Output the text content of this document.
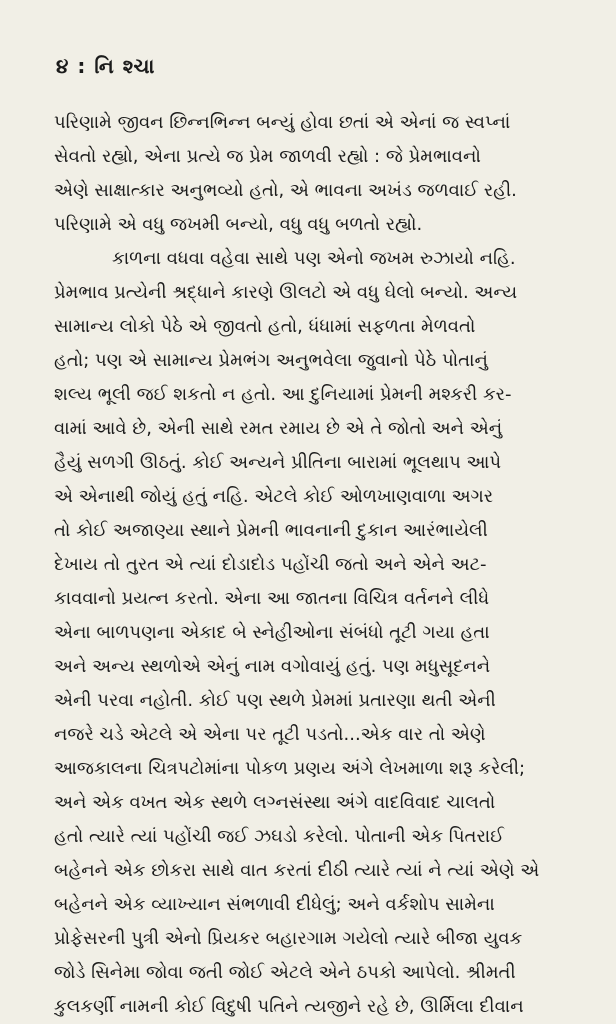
૪ : નિ શ્ચા

પરિણામે જીવન છિન્નભિન્ન બન્યું હોવા છતાં એ એનાં જ સ્વપ્નાં
સેવતો રહ્યો, એના પ્રત્યે જ પ્રેમ જાળવી રહ્યો : જે પ્રેમભાવનો
એણે સાક્ષાત્કાર અનુભવ્યો હતો, એ ભાવના અખંડ જળવાઈ રહી.
પરિણામે એ વધુ જખમી બન્યો, વધુ વધુ બળતો રહ્યો.

કાળના વધવા વહેવા સાથે પણ એનો જખમ રુઝાયો નહિ.
પ્રેમભાવ પ્રત્યેની શ્રદ્ધાને કારણે ઊલટો એ વધુ ઘેલો બન્યો. અન્ય
સામાન્ય લોકો પેઠે એ જીવતો હતો, ધંધામાં સફળતા મેળવતો
હતો; પણ એ સામાન્ય પ્રેમભંગ અનુભવેલા જુવાનો પેઠે પોતાનું
શલ્ય ભૂલી જઈ શકતો ન હતો. આ દુનિયામાં પ્રેમની મશ્કરી કર-
વામાં આવે છે, એની સાથે રમત રમાય છે એ તે જોતો અને એનું
હૈયું સળગી ઊઠતું. કોઈ અન્યને પ્રીતિના બારામાં ભૂલથાપ આપે
એ એનાથી જોયું હતું નહિ. એટલે કોઈ ઓળખાણવાળા અગર
તો કોઈ અજાણ્યા સ્થાને પ્રેમની ભાવનાની દુકાન આરંભાયેલી
દેખાય તો તુરત એ ત્યાં દોડાદોડ પહોંચી જતો અને એને અટ-
કાવવાનો પ્રયત્ન કરતો. એના આ જાતના વિચિત્ર વર્તનને લીધે
એના બાળપણના એકાદ બે સ્નેહીઓના સંબંધો તૂટી ગયા હતા
અને અન્ય સ્થળોએ એનું નામ વગોવાયું હતું. પણ મધુસૂદનને
એની પરવા નહોતી. કોઈ પણ સ્થળે પ્રેમમાં પ્રતારણા થતી એની
નજરે ચડે એટલે એ એના પર તૂટી પડતો...એક વાર તો એણે
આજકાલના ચિત્રપટોમાંના પોકળ પ્રણય અંગે લેખમાળા શરૂ કરેલી;
અને એક વખત એક સ્થળે લગ્નસંસ્થા અંગે વાદવિવાદ ચાલતો
હતો ત્યારે ત્યાં પહોંચી જઈ ઝઘડો કરેલો. પોતાની એક પિતરાઈ
બહેનને એક છોકરા સાથે વાત કરતાં દીઠી ત્યારે ત્યાં ને ત્યાં એણે એ
બહેનને એક વ્યાખ્યાન સંભળાવી દીધેલું; અને વર્કશોપ સામેના
પ્રોફેસરની પુત્રી એનો પ્રિયકર બહારગામ ગયેલો ત્યારે બીજા યુવક
જોડે સિનેમા જોવા જતી જોઈ એટલે એને ઠપકો આપેલો. શ્રીમતી
કુલકર્ણી નામની કોઈ વિદુષી પતિને ત્યજીને રહે છે, ઊર્મિલા દીવાન
